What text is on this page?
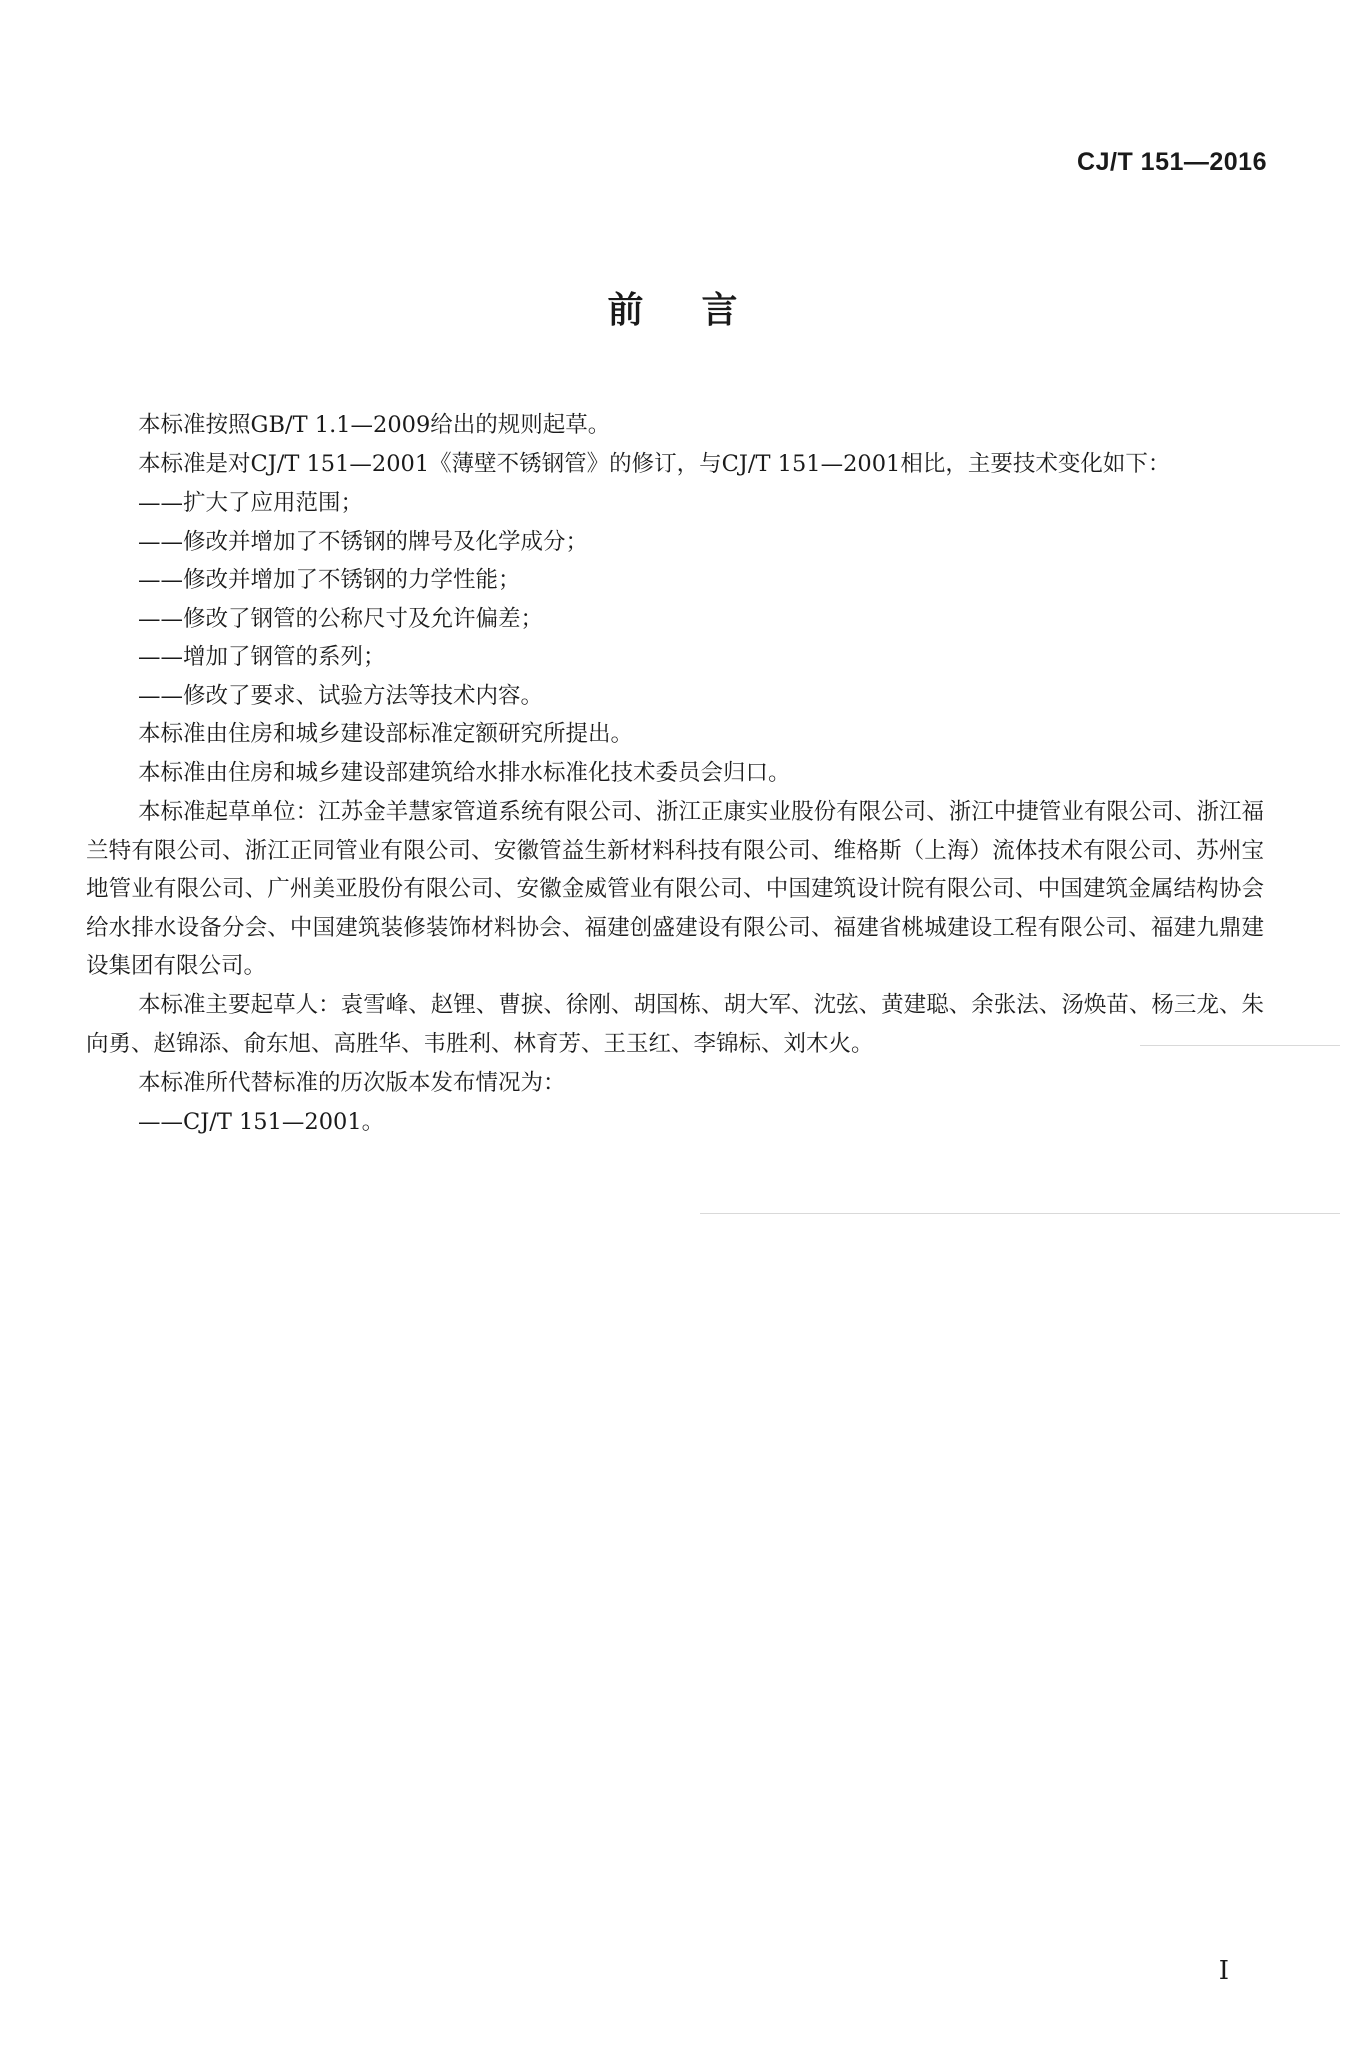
CJ/T 151—2016
前言

本标准按照GB/T 1.1—2009给出的规则起草。

本标准是对CJ/T 151—2001《薄壁不锈钢管》的修订，与CJ/T 151—2001相比，主要技术变化如下：

——扩大了应用范围；

——修改并增加了不锈钢的牌号及化学成分；

——修改并增加了不锈钢的力学性能；

——修改了钢管的公称尺寸及允许偏差；

——增加了钢管的系列；

——修改了要求、试验方法等技术内容。

本标准由住房和城乡建设部标准定额研究所提出。

本标准由住房和城乡建设部建筑给水排水标准化技术委员会归口。

本标准起草单位：江苏金羊慧家管道系统有限公司、浙江正康实业股份有限公司、浙江中捷管业有限公司、浙江福兰特有限公司、浙江正同管业有限公司、安徽管益生新材料科技有限公司、维格斯（上海）流体技术有限公司、苏州宝地管业有限公司、广州美亚股份有限公司、安徽金威管业有限公司、中国建筑设计院有限公司、中国建筑金属结构协会给水排水设备分会、中国建筑装修装饰材料协会、福建创盛建设有限公司、福建省桃城建设工程有限公司、福建九鼎建设集团有限公司。

本标准主要起草人：袁雪峰、赵锂、曹捩、徐刚、胡国栋、胡大军、沈弦、黄建聪、余张法、汤焕苗、杨三龙、朱向勇、赵锦添、俞东旭、高胜华、韦胜利、林育芳、王玉红、李锦标、刘木火。

本标准所代替标准的历次版本发布情况为：

——CJ/T 151—2001。

I
